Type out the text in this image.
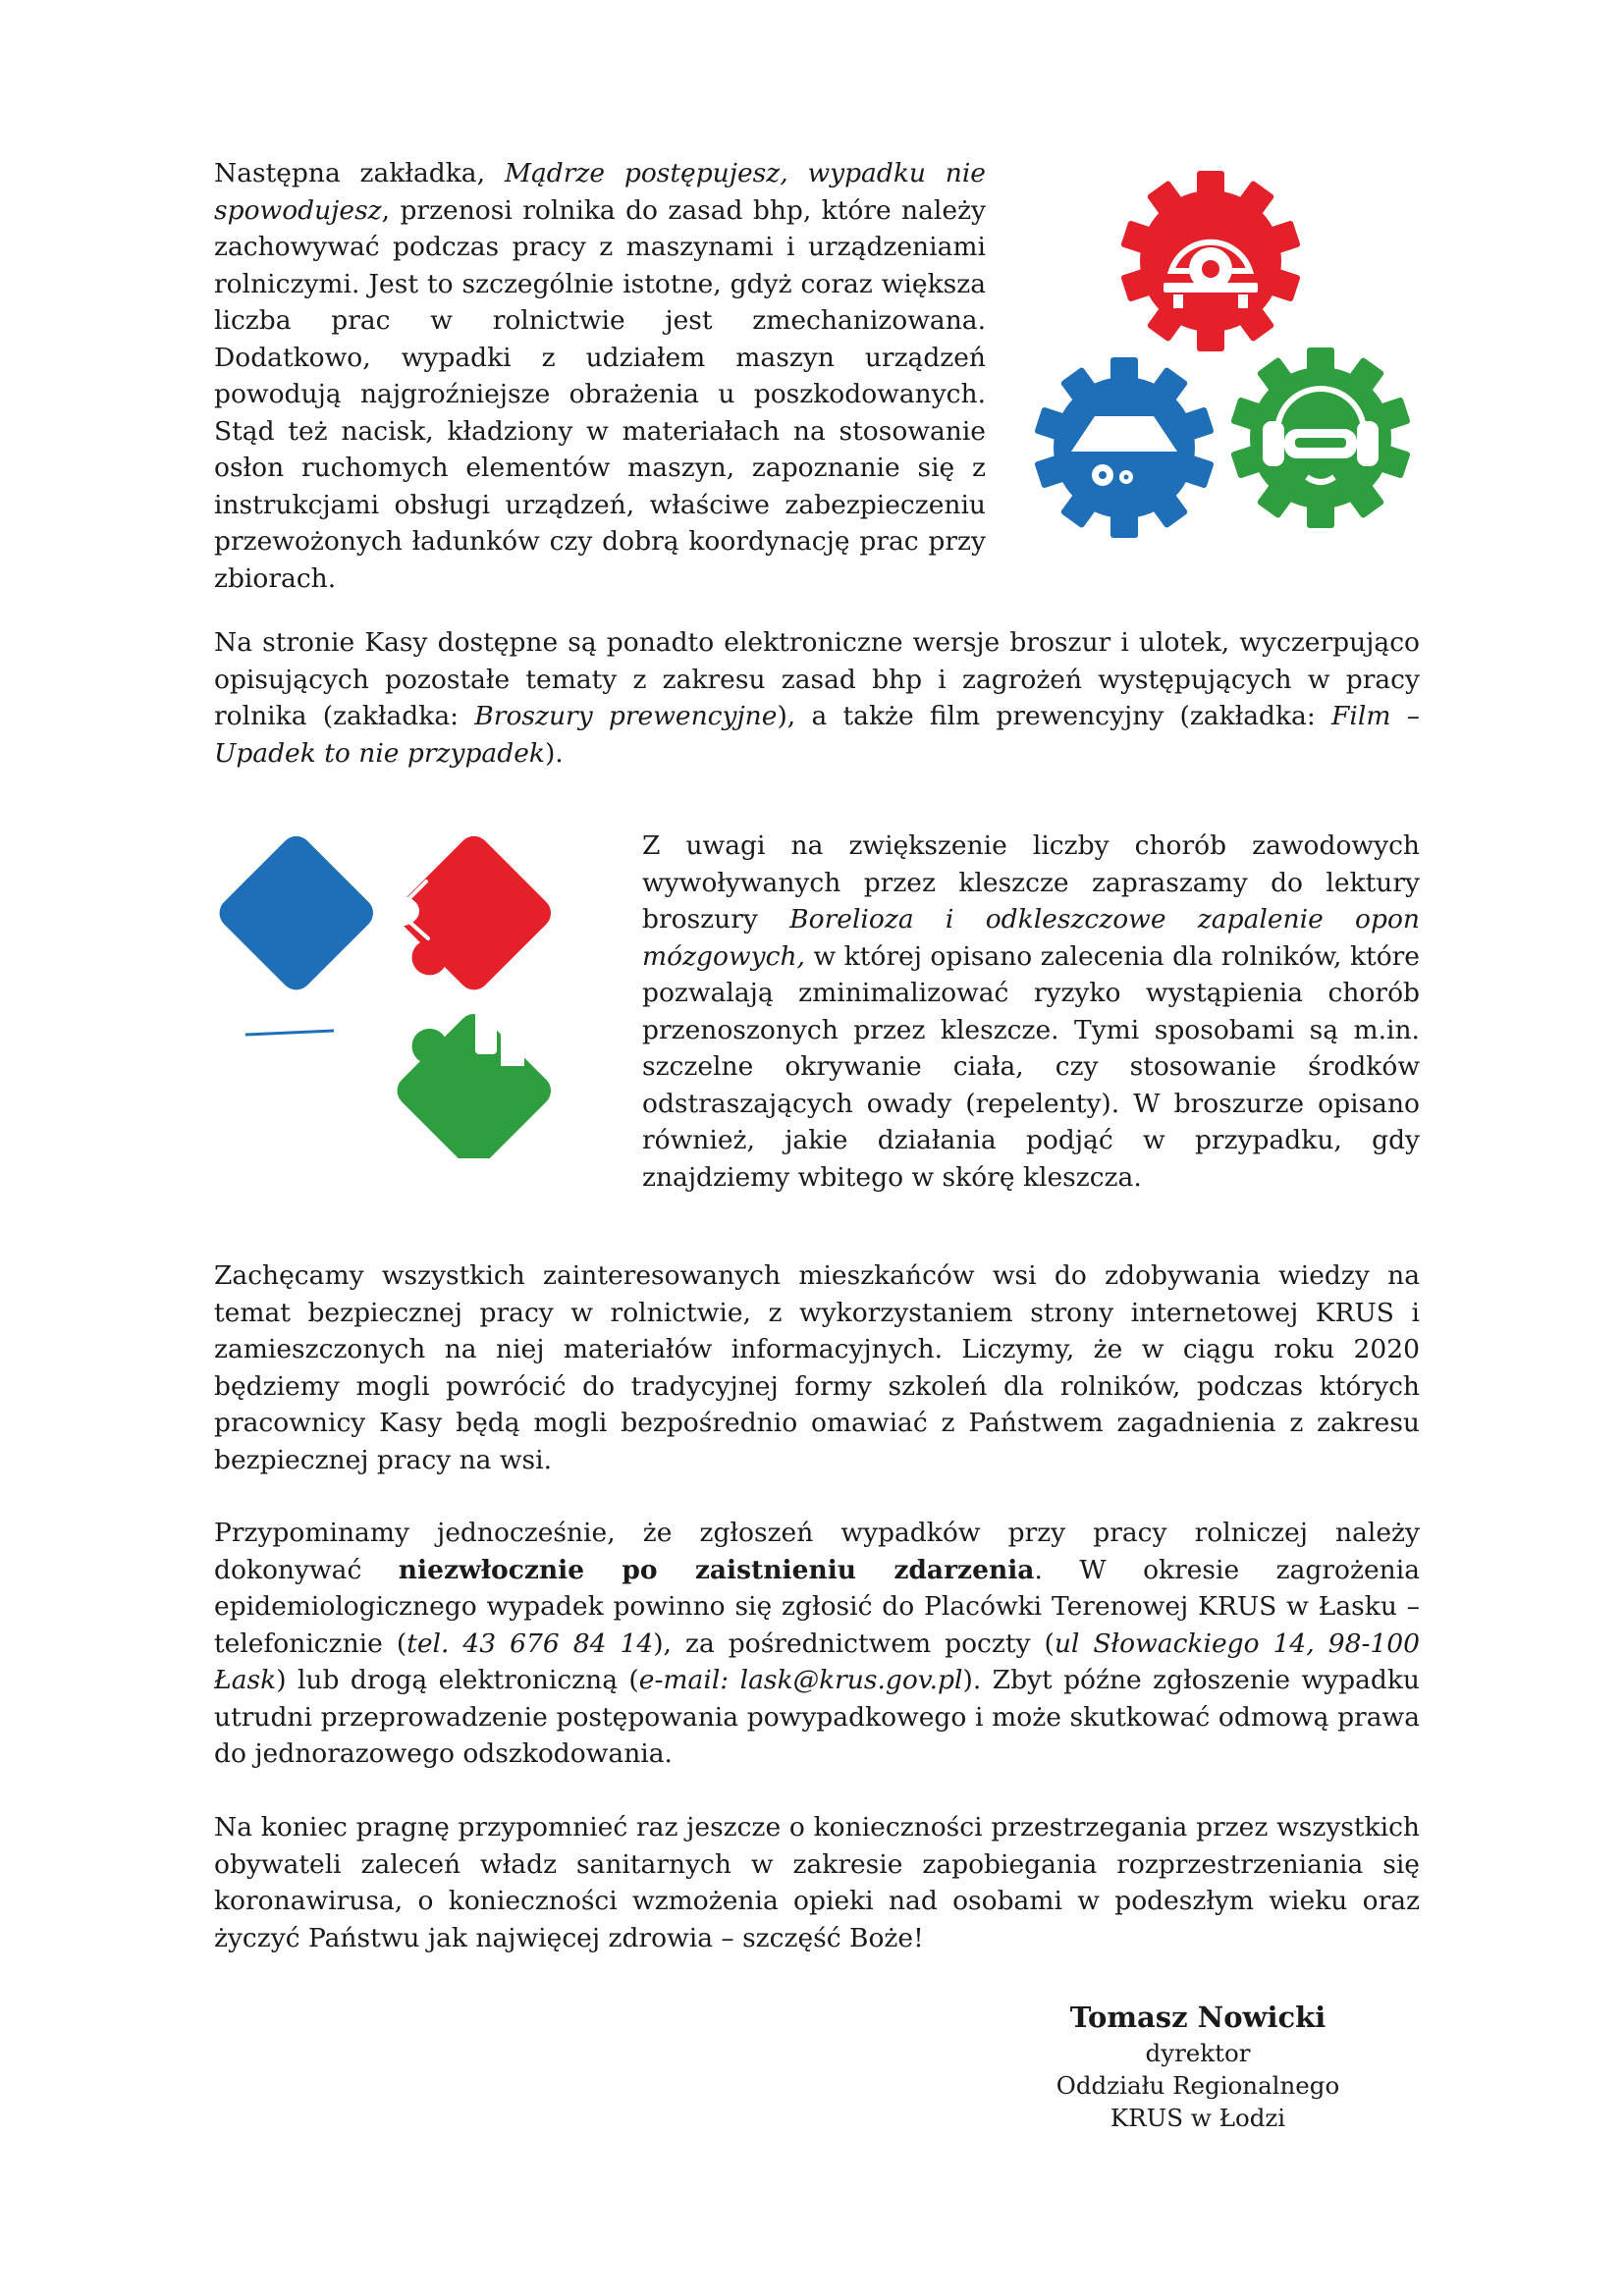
Następna zakładka, Mądrze postępujesz, wypadku nie spowodujesz, przenosi rolnika do zasad bhp, które należy zachowywać podczas pracy z maszynami i urządzeniami rolniczymi. Jest to szczególnie istotne, gdyż coraz większa liczba prac w rolnictwie jest zmechanizowana. Dodatkowo, wypadki z udziałem maszyn urządzeń powodują najgroźniejsze obrażenia u poszkodowanych. Stąd też nacisk, kładziony w materiałach na stosowanie osłon ruchomych elementów maszyn, zapoznanie się z instrukcjami obsługi urządzeń, właściwe zabezpieczeniu przewożonych ładunków czy dobrą koordynację prac przy zbiorach.

Na stronie Kasy dostępne są ponadto elektroniczne wersje broszur i ulotek, wyczerpująco opisujących pozostałe tematy z zakresu zasad bhp i zagrożeń występujących w pracy rolnika (zakładka: Broszury prewencyjne), a także film prewencyjny (zakładka: Film – Upadek to nie przypadek).

Z uwagi na zwiększenie liczby chorób zawodowych wywoływanych przez kleszcze zapraszamy do lektury broszury Borelioza i odkleszczowe zapalenie opon mózgowych, w której opisano zalecenia dla rolników, które pozwalają zminimalizować ryzyko wystąpienia chorób przenoszonych przez kleszcze. Tymi sposobami są m.in. szczelne okrywanie ciała, czy stosowanie środków odstraszających owady (repelenty). W broszurze opisano również, jakie działania podjąć w przypadku, gdy znajdziemy wbitego w skórę kleszcza.

Zachęcamy wszystkich zainteresowanych mieszkańców wsi do zdobywania wiedzy na temat bezpiecznej pracy w rolnictwie, z wykorzystaniem strony internetowej KRUS i zamieszczonych na niej materiałów informacyjnych. Liczymy, że w ciągu roku 2020 będziemy mogli powrócić do tradycyjnej formy szkoleń dla rolników, podczas których pracownicy Kasy będą mogli bezpośrednio omawiać z Państwem zagadnienia z zakresu bezpiecznej pracy na wsi.

Przypominamy jednocześnie, że zgłoszeń wypadków przy pracy rolniczej należy dokonywać niezwłocznie po zaistnieniu zdarzenia. W okresie zagrożenia epidemiologicznego wypadek powinno się zgłosić do Placówki Terenowej KRUS w Łasku – telefonicznie (tel. 43 676 84 14), za pośrednictwem poczty (ul Słowackiego 14, 98-100 Łask) lub drogą elektroniczną (e-mail: lask@krus.gov.pl). Zbyt późne zgłoszenie wypadku utrudni przeprowadzenie postępowania powypadkowego i może skutkować odmową prawa do jednorazowego odszkodowania.

Na koniec pragnę przypomnieć raz jeszcze o konieczności przestrzegania przez wszystkich obywateli zaleceń władz sanitarnych w zakresie zapobiegania rozprzestrzeniania się koronawirusa, o konieczności wzmożenia opieki nad osobami w podeszłym wieku oraz życzyć Państwu jak najwięcej zdrowia – szczęść Boże!

Tomasz Nowicki
dyrektor
Oddziału Regionalnego
KRUS w Łodzi
